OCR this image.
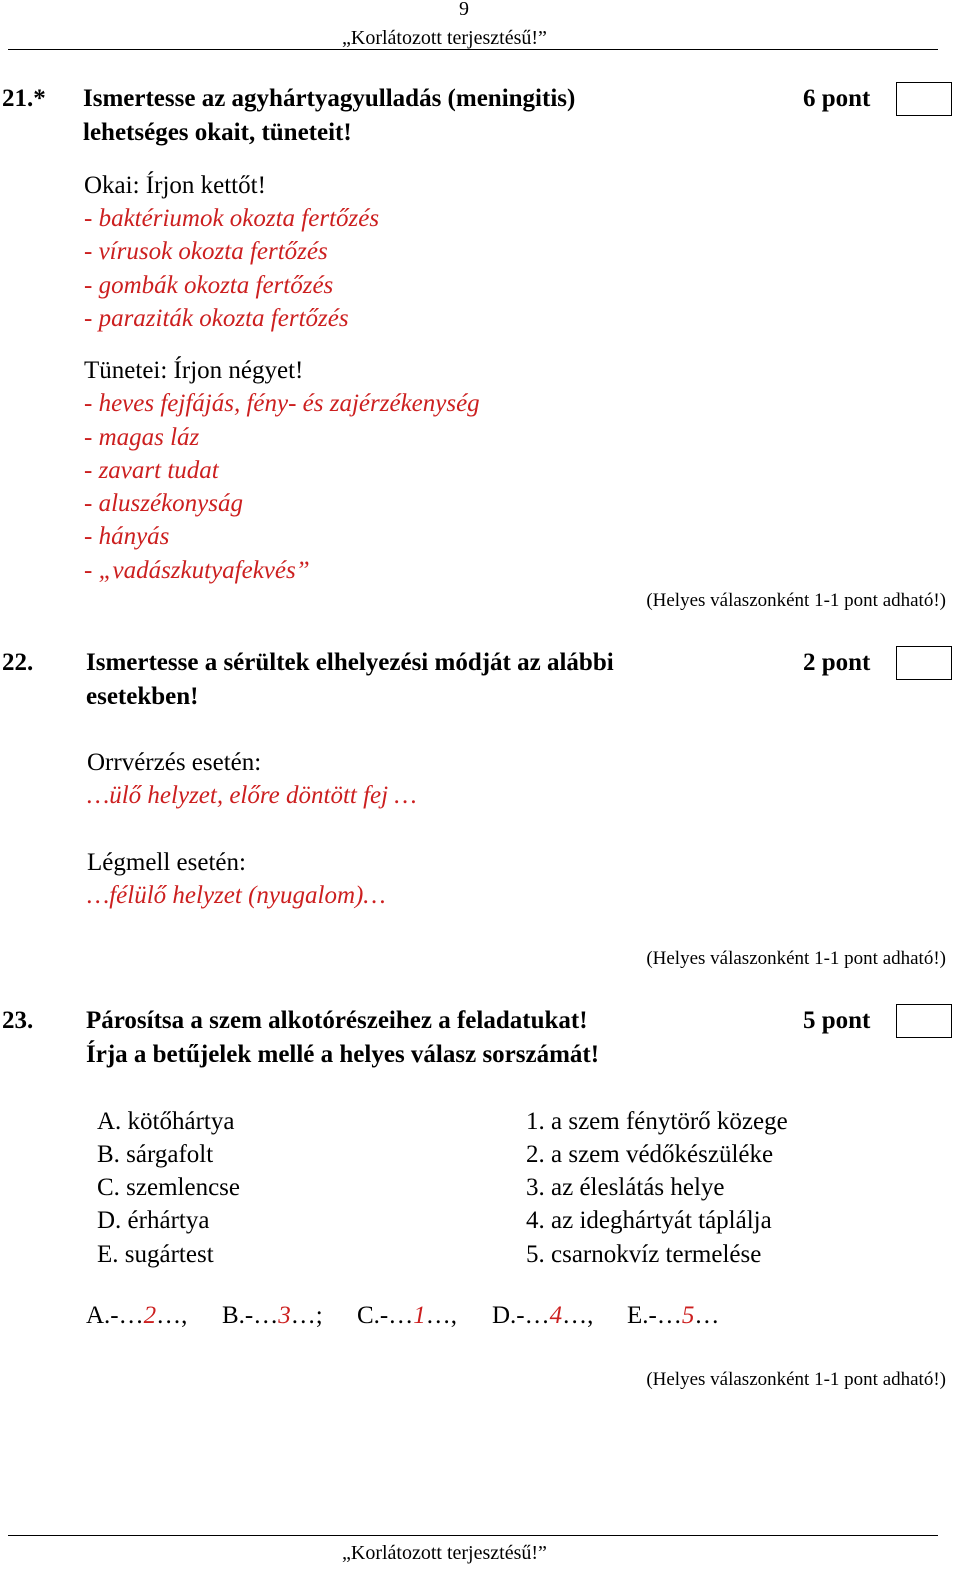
9
„Korlátozott terjesztésű!”
21.* Ismertesse az agyhártyagyulladás (meningitis)
lehetséges okait, tüneteit!
6 pont
Okai: Írjon kettőt!
- baktériumok okozta fertőzés
- vírusok okozta fertőzés
- gombák okozta fertőzés
- paraziták okozta fertőzés
Tünetei: Írjon négyet!
- heves fejfájás, fény- és zajérzékenység
- magas láz
- zavart tudat
- aluszékonyság
- hányás
- „vadászkutyafekvés”
(Helyes válaszonként 1-1 pont adható!)
22. Ismertesse a sérültek elhelyezési módját az alábbi
esetekben!
2 pont
Orrvérzés esetén:
…ülő helyzet, előre döntött fej …
Légmell esetén:
…félülő helyzet (nyugalom)…
(Helyes válaszonként 1-1 pont adható!)
23. Párosítsa a szem alkotórészeihez a feladatukat!
Írja a betűjelek mellé a helyes válasz sorszámát!
5 pont
A. kötőhártya
B. sárgafolt
C. szemlencse
D. érhártya
E. sugártest
1. a szem fénytörő közege
2. a szem védőkészüléke
3. az éleslátás helye
4. az ideghártyát táplálja
5. csarnokvíz termelése
A.-…2…, B.-…3…; C.-…1…, D.-…4…, E.-…5…
(Helyes válaszonként 1-1 pont adható!)
„Korlátozott terjesztésű!”
